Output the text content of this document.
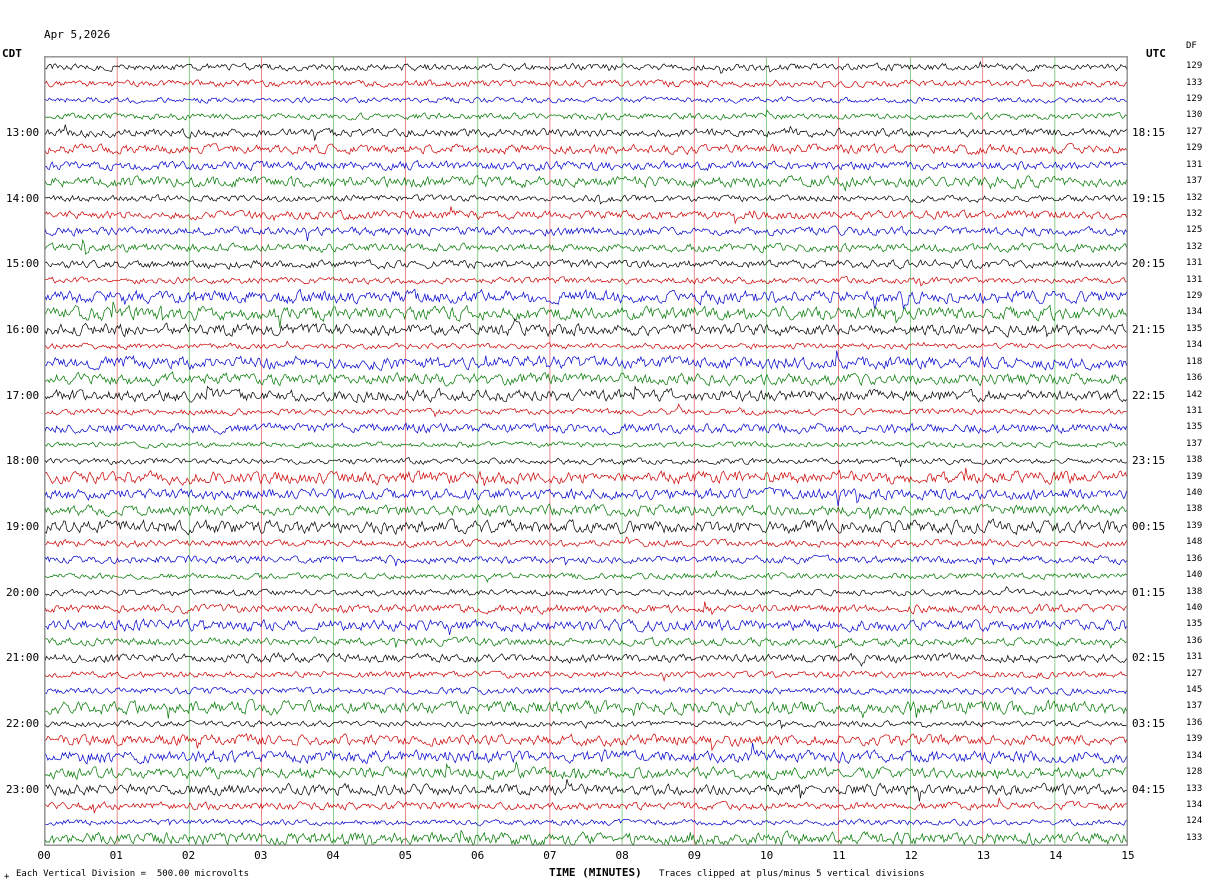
Apr 5,2026

CDT	UTC
DF
13:00
14:00
15:00
16:00
17:00
18:00
19:00
20:00
21:00
22:00
23:00
18:15
19:15
20:15
21:15
22:15
23:15
00:15
01:15
02:15
03:15
04:15
129
133
129
130
127
129
131
137
132
132
125
132
131
131
129
134
135
134
118
136
142
131
135
137
138
139
140
138
139
148
136
140
138
140
135
136
131
127
145
137
136
139
134
128
133
134
124
133
00	01	02	03	04	05	06	07	08	09	10	11	12	13	14	15
+ Each Vertical Division =  500.00 microvolts	TIME (MINUTES) Traces clipped at plus/minus 5 vertical divisions
